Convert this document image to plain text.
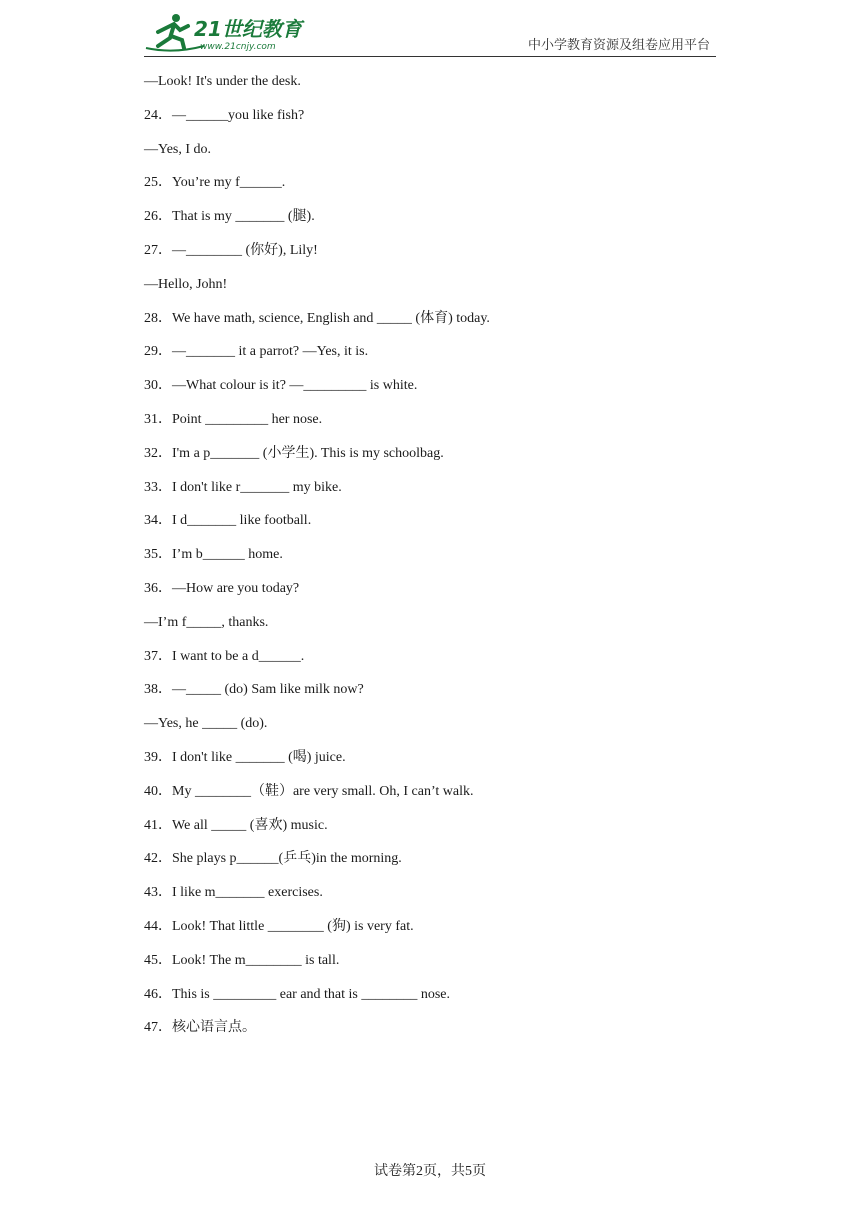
21世纪教育
www.21cnjy.com	中小学教育资源及组卷应用平台
—Look! It's under the desk.
24．—______you like fish?
—Yes, I do.
25．You’re my f______.
26．That is my _______ (腿).
27．—________ (你好), Lily!
—Hello, John!
28．We have math, science, English and _____ (体育) today.
29．—_______ it a parrot? —Yes, it is.
30．—What colour is it? —_________ is white.
31．Point _________ her nose.
32．I'm a p_______ (小学生). This is my schoolbag.
33．I don't like r_______ my bike.
34．I d_______ like football.
35．I’m b______ home.
36．—How are you today?
—I’m f_____, thanks.
37．I want to be a d______.
38．—_____ (do) Sam like milk now?
—Yes, he _____ (do).
39．I don't like _______ (喝) juice.
40．My ________（鞋）are very small. Oh, I can’t walk.
41．We all _____ (喜欢) music.
42．She plays p______(乒乓)in the morning.
43．I like m_______ exercises.
44．Look! That little ________ (狗) is very fat.
45．Look! The m________ is tall.
46．This is _________ ear and that is ________ nose.
47．核心语言点。
试卷第2页，共5页
